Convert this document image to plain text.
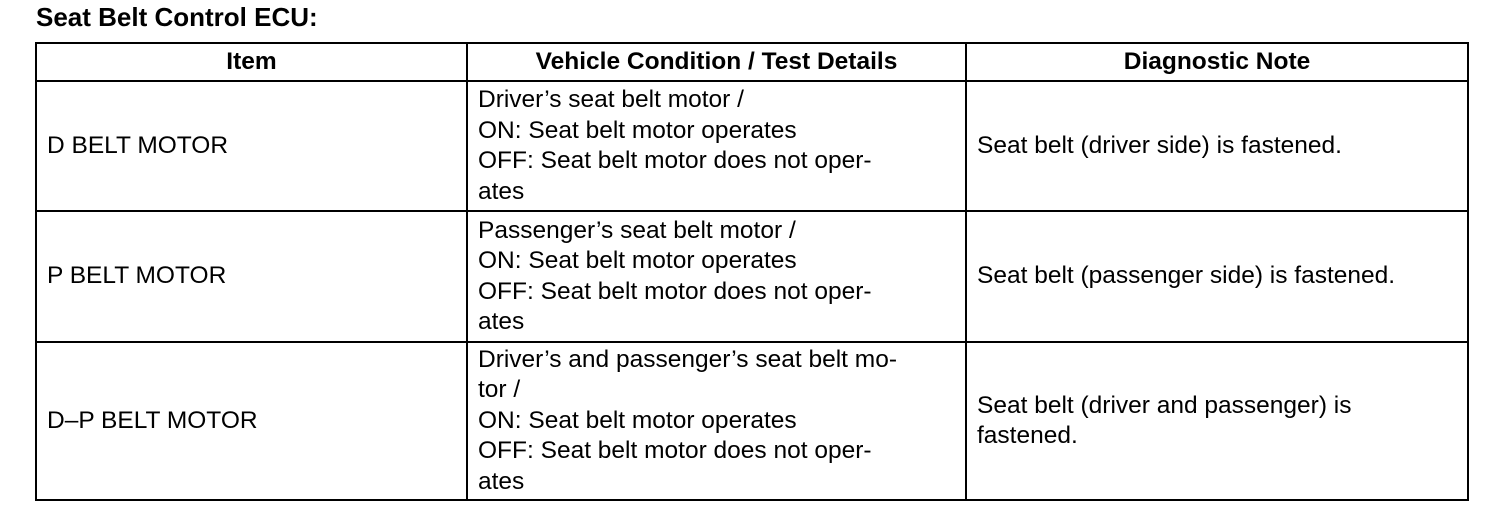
Seat Belt Control ECU:
Item	Vehicle Condition / Test Details	Diagnostic Note

D BELT MOTOR	Driver’s seat belt motor /
ON: Seat belt motor operates
OFF: Seat belt motor does not oper-
ates	Seat belt (driver side) is fastened.

P BELT MOTOR	Passenger’s seat belt motor /
ON: Seat belt motor operates
OFF: Seat belt motor does not oper-
ates	Seat belt (passenger side) is fastened.

D–P BELT MOTOR	Driver’s and passenger’s seat belt mo-
tor /
ON: Seat belt motor operates
OFF: Seat belt motor does not oper-
ates	Seat belt (driver and passenger) is
fastened.
